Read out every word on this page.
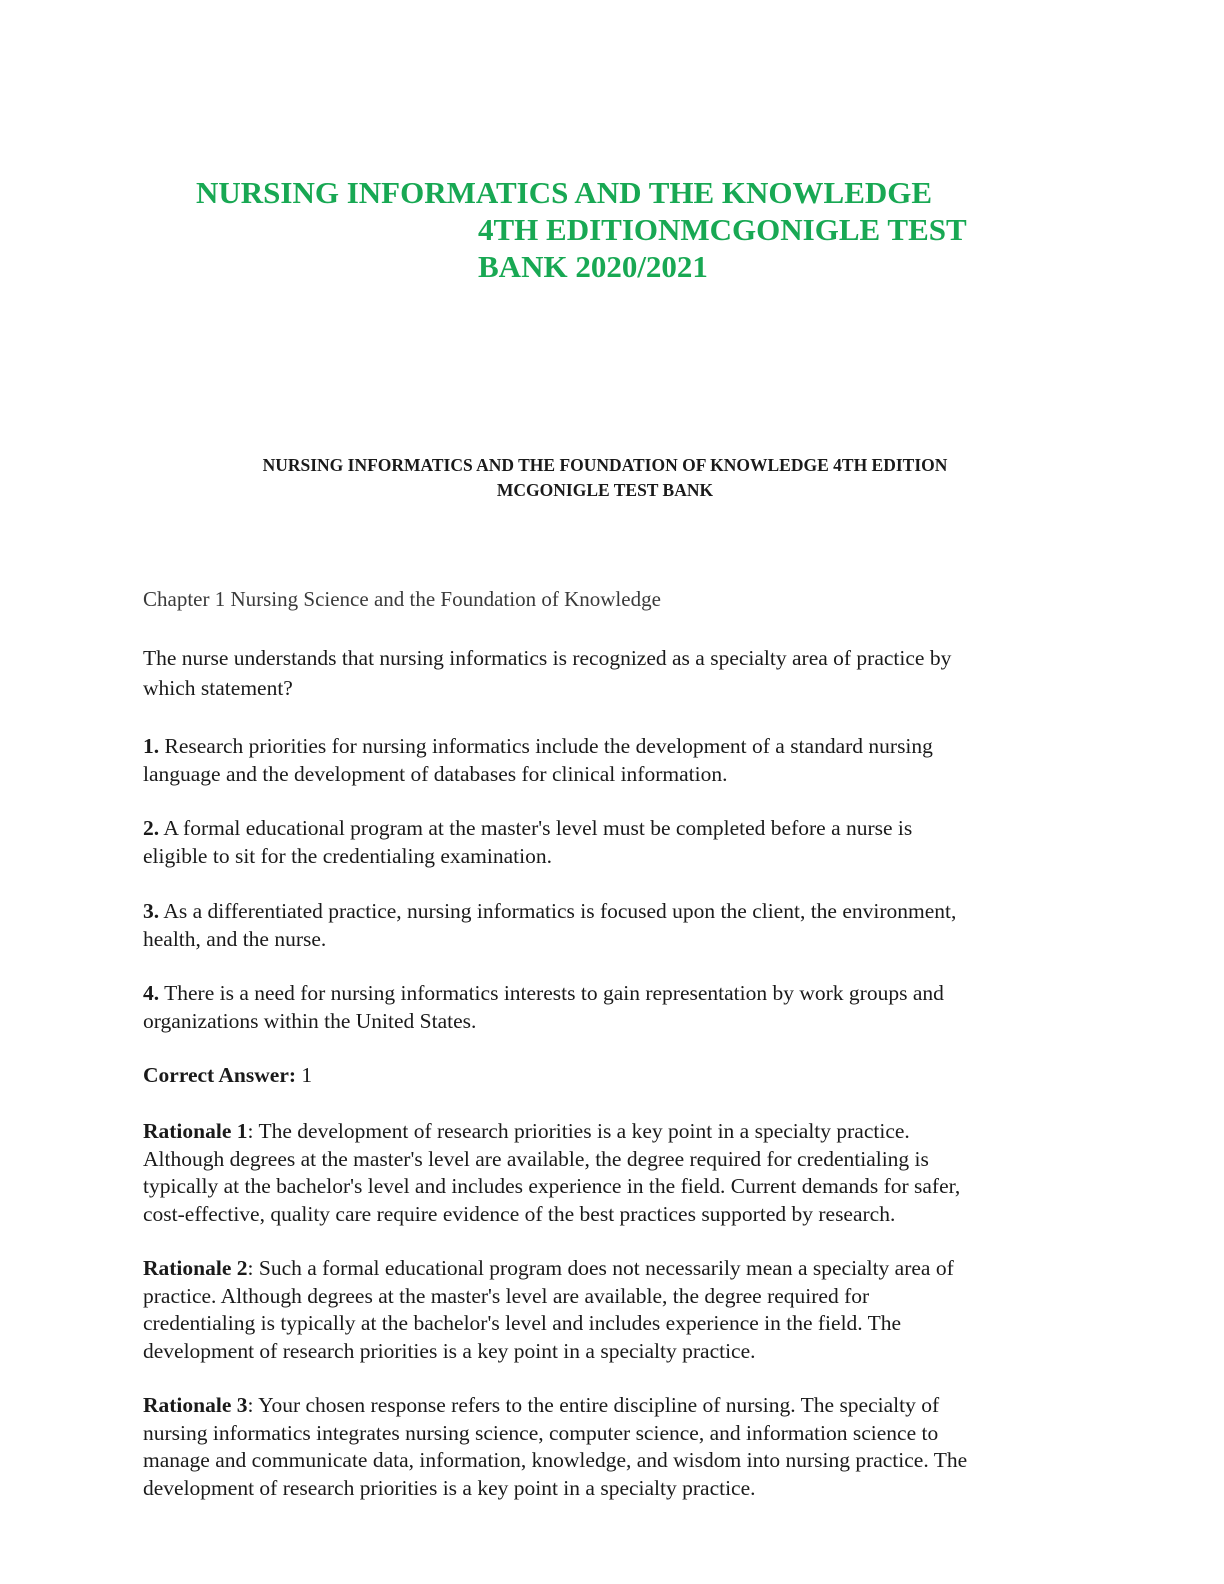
NURSING INFORMATICS AND THE KNOWLEDGE
4TH EDITIONMCGONIGLE TEST
BANK 2020/2021
NURSING INFORMATICS AND THE FOUNDATION OF KNOWLEDGE 4TH EDITION
MCGONIGLE TEST BANK

Chapter 1 Nursing Science and the Foundation of Knowledge

The nurse understands that nursing informatics is recognized as a specialty area of practice by
which statement?

1. Research priorities for nursing informatics include the development of a standard nursing
language and the development of databases for clinical information.

2. A formal educational program at the master's level must be completed before a nurse is
eligible to sit for the credentialing examination.

3. As a differentiated practice, nursing informatics is focused upon the client, the environment,
health, and the nurse.

4. There is a need for nursing informatics interests to gain representation by work groups and
organizations within the United States.

Correct Answer: 1

Rationale 1: The development of research priorities is a key point in a specialty practice.
Although degrees at the master's level are available, the degree required for credentialing is
typically at the bachelor's level and includes experience in the field. Current demands for safer,
cost-effective, quality care require evidence of the best practices supported by research.

Rationale 2: Such a formal educational program does not necessarily mean a specialty area of
practice. Although degrees at the master's level are available, the degree required for
credentialing is typically at the bachelor's level and includes experience in the field. The
development of research priorities is a key point in a specialty practice.

Rationale 3: Your chosen response refers to the entire discipline of nursing. The specialty of
nursing informatics integrates nursing science, computer science, and information science to
manage and communicate data, information, knowledge, and wisdom into nursing practice. The
development of research priorities is a key point in a specialty practice.
